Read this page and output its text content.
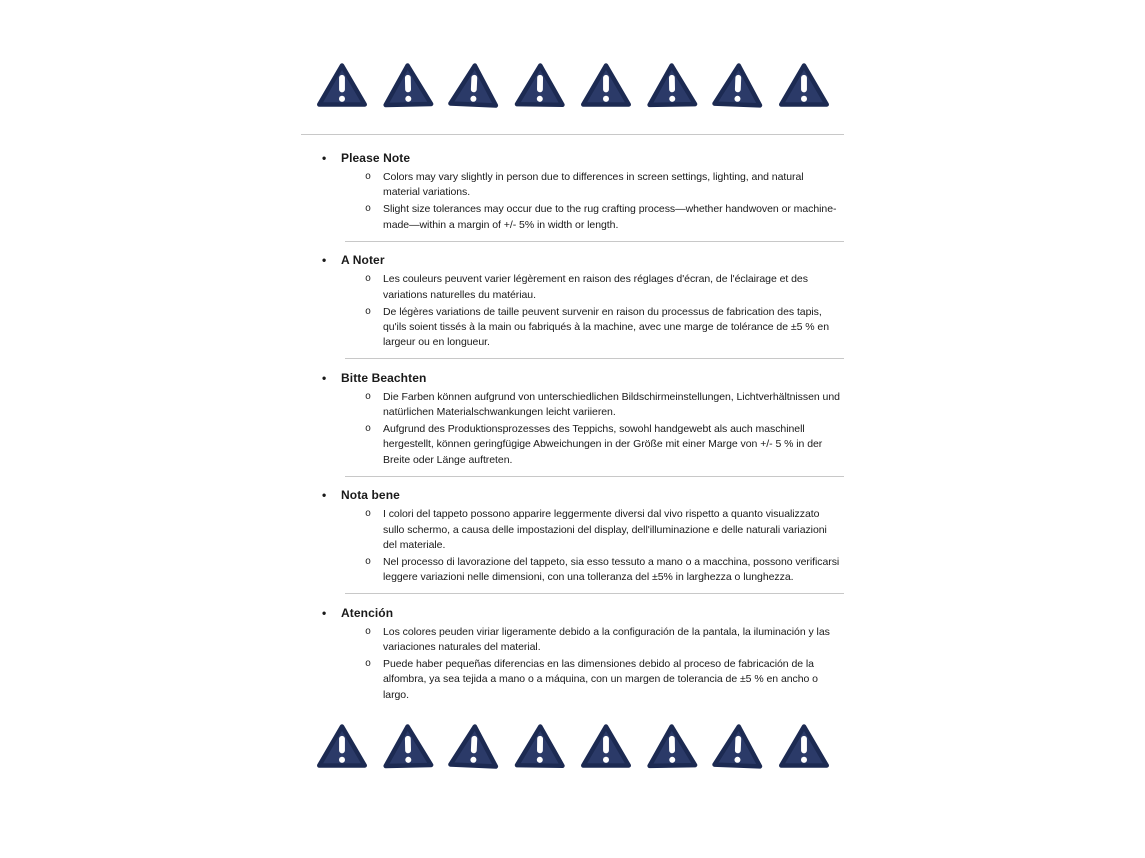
•	Please Note
o	Colors may vary slightly in person due to differences in screen settings, lighting, and natural material variations.

o	Slight size tolerances may occur due to the rug crafting process—whether handwoven or machine-made—within a margin of +/- 5% in width or length.

•	A Noter
o	Les couleurs peuvent varier légèrement en raison des réglages d'écran, de l'éclairage et des variations naturelles du matériau.

o	De légères variations de taille peuvent survenir en raison du processus de fabrication des tapis, qu'ils soient tissés à la main ou fabriqués à la machine, avec une marge de tolérance de ±5 % en largeur ou en longueur.

•	Bitte Beachten
o	Die Farben können aufgrund von unterschiedlichen Bildschirmeinstellungen, Lichtverhältnissen und natürlichen Materialschwankungen leicht variieren.

o	Aufgrund des Produktionsprozesses des Teppichs, sowohl handgewebt als auch maschinell hergestellt, können geringfügige Abweichungen in der Größe mit einer Marge von +/- 5 % in der Breite oder Länge auftreten.

•	Nota bene
o	I colori del tappeto possono apparire leggermente diversi dal vivo rispetto a quanto visualizzato sullo schermo, a causa delle impostazioni del display, dell'illuminazione e delle naturali variazioni del materiale.

o	Nel processo di lavorazione del tappeto, sia esso tessuto a mano o a macchina, possono verificarsi leggere variazioni nelle dimensioni, con una tolleranza del ±5% in larghezza o lunghezza.

•	Atención
o	Los colores peuden viriar ligeramente debido a la configuración de la pantala, la iluminación y las variaciones naturales del material.

o	Puede haber pequeñas diferencias en las dimensiones debido al proceso de fabricación de la alfombra, ya sea tejida a mano o a máquina, con un margen de tolerancia de ±5 % en ancho o largo.
